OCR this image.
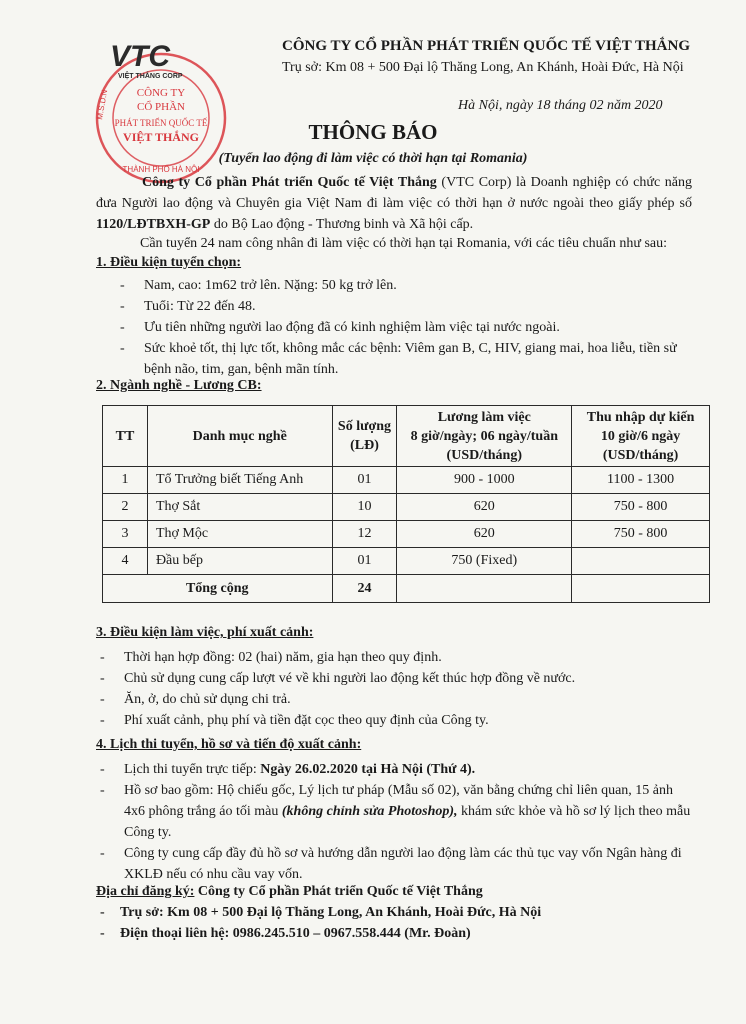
VTC
VIỆT THẮNG CORP
CÔNG TY
CỔ PHẦN
PHÁT TRIỂN QUỐC TẾ
VIỆT THẮNG
M.S.D.N
THÀNH PHỐ HÀ NỘI
CÔNG TY CỔ PHẦN PHÁT TRIỂN QUỐC TẾ VIỆT THẮNG
Trụ sở: Km 08 + 500 Đại lộ Thăng Long, An Khánh, Hoài Đức, Hà Nội
Hà Nội, ngày 18 tháng 02 năm 2020
THÔNG BÁO
(Tuyển lao động đi làm việc có thời hạn tại Romania)

Công ty Cổ phần Phát triển Quốc tế Việt Thắng (VTC Corp) là Doanh nghiệp có chức năng đưa Người lao động và Chuyên gia Việt Nam đi làm việc có thời hạn ở nước ngoài theo giấy phép số 1120/LĐTBXH-GP do Bộ Lao động - Thương binh và Xã hội cấp.

Cần tuyển 24 nam công nhân đi làm việc có thời hạn tại Romania, với các tiêu chuẩn như sau:
1. Điều kiện tuyển chọn:
- Nam, cao: 1m62 trở lên. Nặng: 50 kg trở lên.
- Tuổi: Từ 22 đến 48.
- Ưu tiên những người lao động đã có kinh nghiệm làm việc tại nước ngoài.
- Sức khoẻ tốt, thị lực tốt, không mắc các bệnh: Viêm gan B, C, HIV, giang mai, hoa liễu, tiền sử bệnh não, tim, gan, bệnh mãn tính.
2. Ngành nghề - Lương CB:
TT	Danh mục nghề	Số lượng
(LĐ)	Lương làm việc
8 giờ/ngày; 06 ngày/tuần
(USD/tháng)	Thu nhập dự kiến
10 giờ/6 ngày
(USD/tháng)
1	Tổ Trưởng biết Tiếng Anh	01	900 - 1000	1100 - 1300
2	Thợ Sắt	10	620	750 - 800
3	Thợ Mộc	12	620	750 - 800
4	Đầu bếp	01	750 (Fixed)	
Tổng cộng		24		
3. Điều kiện làm việc, phí xuất cảnh:
- Thời hạn hợp đồng: 02 (hai) năm, gia hạn theo quy định.
- Chủ sử dụng cung cấp lượt vé về khi người lao động kết thúc hợp đồng về nước.
- Ăn, ở, do chủ sử dụng chi trả.
- Phí xuất cảnh, phụ phí và tiền đặt cọc theo quy định của Công ty.
4. Lịch thi tuyển, hồ sơ và tiến độ xuất cảnh:
- Lịch thi tuyển trực tiếp: Ngày 26.02.2020 tại Hà Nội (Thứ 4).
- Hồ sơ bao gồm: Hộ chiếu gốc, Lý lịch tư pháp (Mẫu số 02), văn bằng chứng chỉ liên quan, 15 ảnh 4x6 phông trắng áo tối màu (không chỉnh sửa Photoshop), khám sức khỏe và hồ sơ lý lịch theo mẫu Công ty.
- Công ty cung cấp đầy đủ hồ sơ và hướng dẫn người lao động làm các thủ tục vay vốn Ngân hàng đi XKLĐ nếu có nhu cầu vay vốn.
Địa chỉ đăng ký: Công ty Cổ phần Phát triển Quốc tế Việt Thắng
- Trụ sở: Km 08 + 500 Đại lộ Thăng Long, An Khánh, Hoài Đức, Hà Nội
- Điện thoại liên hệ: 0986.245.510 – 0967.558.444 (Mr. Đoàn)
